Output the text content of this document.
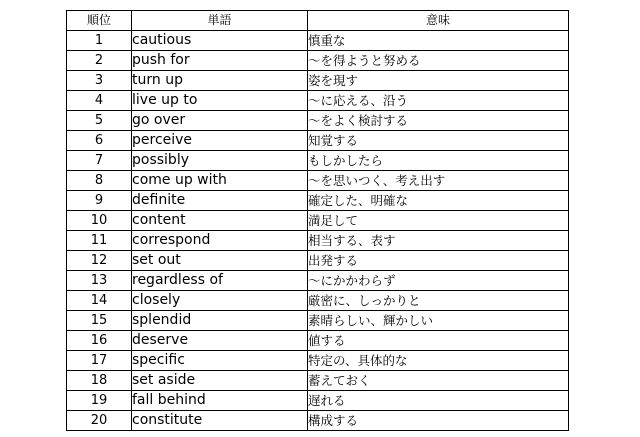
順位	単語	意味
1	cautious	慎重な
2	push for	～を得ようと努める
3	turn up	姿を現す
4	live up to	～に応える、沿う
5	go over	～をよく検討する
6	perceive	知覚する
7	possibly	もしかしたら
8	come up with	～を思いつく、考え出す
9	definite	確定した、明確な
10	content	満足して
11	correspond	相当する、表す
12	set out	出発する
13	regardless of	～にかかわらず
14	closely	厳密に、しっかりと
15	splendid	素晴らしい、輝かしい
16	deserve	値する
17	specific	特定の、具体的な
18	set aside	蓄えておく
19	fall behind	遅れる
20	constitute	構成する
